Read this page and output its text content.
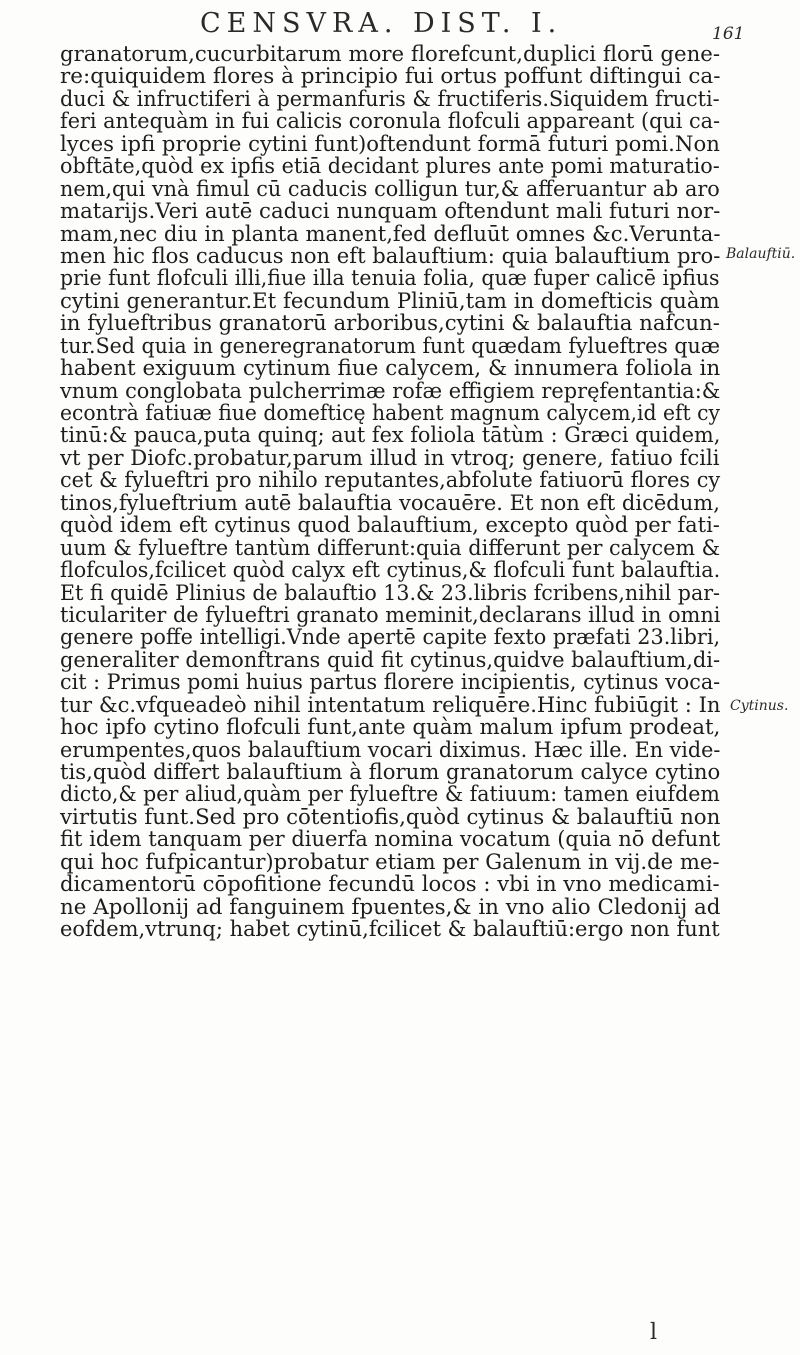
CENSVRA. DIST. I.	161
granatorum,cucurbitarum more florefcunt,duplici florū gene-
re:quiquidem flores à principio fui ortus poffunt diftingui ca-
duci & infructiferi à permanfuris & fructiferis.Siquidem fructi-
feri antequàm in fui calicis coronula flofculi appareant (qui ca-
lyces ipfi proprie cytini funt)oftendunt formā futuri pomi.Non
obftāte,quòd ex ipfis etiā decidant plures ante pomi maturatio-
nem,qui vnà fimul cū caducis colligun tur,& afferuantur ab aro
matarijs.Veri autē caduci nunquam oftendunt mali futuri nor-
mam,nec diu in planta manent,fed defluūt omnes &c.Verunta-
men hic flos caducus non eft balauftium: quia balauftium pro-
prie funt flofculi illi,fiue illa tenuia folia, quæ fuper calicē ipfius
cytini generantur.Et fecundum Pliniū,tam in domefticis quàm
in fylueftribus granatorū arboribus,cytini & balauftia nafcun-
tur.Sed quia in generegranatorum funt quædam fylueftres quæ
habent exiguum cytinum fiue calycem, & innumera foliola in
vnum conglobata pulcherrimæ rofæ effigiem repręfentantia:&
econtrà fatiuæ fiue domefticę habent magnum calycem,id eft cy
tinū:& pauca,puta quinq; aut fex foliola tātùm : Græci quidem,
vt per Diofc.probatur,parum illud in vtroq; genere, fatiuo fcili
cet & fylueftri pro nihilo reputantes,abfolute fatiuorū flores cy
tinos,fylueftrium autē balauftia vocauēre. Et non eft dicēdum,
quòd idem eft cytinus quod balauftium, excepto quòd per fati-
uum & fylueftre tantùm differunt:quia differunt per calycem &
flofculos,fcilicet quòd calyx eft cytinus,& flofculi funt balauftia.
Et fi quidē Plinius de balauftio 13.& 23.libris fcribens,nihil par-
ticulariter de fylueftri granato meminit,declarans illud in omni
genere poffe intelligi.Vnde apertē capite fexto præfati 23.libri,
generaliter demonftrans quid fit cytinus,quidve balauftium,di-
cit : Primus pomi huius partus florere incipientis, cytinus voca-
tur &c.vfqueadeò nihil intentatum reliquēre.Hinc fubiūgit : In
hoc ipfo cytino flofculi funt,ante quàm malum ipfum prodeat,
erumpentes,quos balauftium vocari diximus. Hæc ille. En vide-
tis,quòd differt balauftium à florum granatorum calyce cytino
dicto,& per aliud,quàm per fylueftre & fatiuum: tamen eiufdem
virtutis funt.Sed pro cōtentiofis,quòd cytinus & balauftiū non
fit idem tanquam per diuerfa nomina vocatum (quia nō defunt
qui hoc fufpicantur)probatur etiam per Galenum in vij.de me-
dicamentorū cōpofitione fecundū locos : vbi in vno medicami-
ne Apollonij ad fanguinem fpuentes,& in vno alio Cledonij ad
eofdem,vtrunq; habet cytinū,fcilicet & balauftiū:ergo non funt
Balauftiū.
Cytinus.
l
